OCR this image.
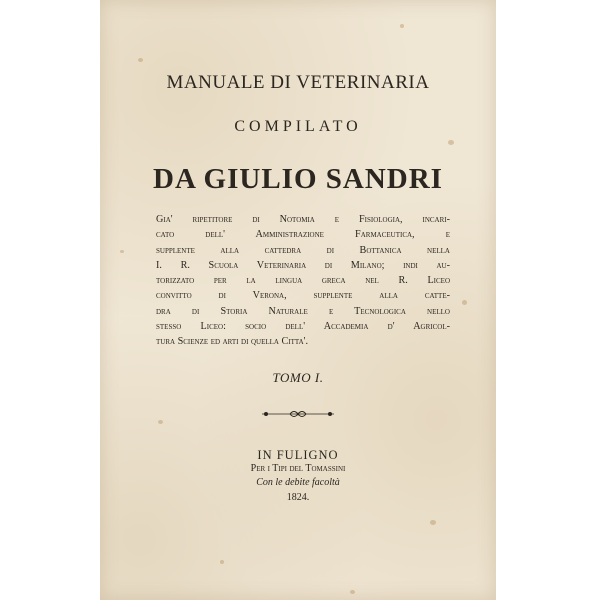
MANUALE DI VETERINARIA
COMPILATO
DA GIULIO SANDRI
Gia' ripetitore di Notomia e Fisiologia, incari-
cato dell' Amministrazione Farmaceutica, e
supplente alla cattedra di Bottanica nella
I. R. Scuola Veterinaria di Milano; indi au-
torizzato per la lingua greca nel R. Liceo
convitto di Verona, supplente alla catte-
dra di Storia Naturale e Tecnologica nello
stesso Liceo: socio dell' Accademia d' Agricol-
tura Scienze ed arti di quella Citta'.
TOMO I.
IN FULIGNO
Per i Tipi del Tomassini
Con le debite facoltà
1824.
